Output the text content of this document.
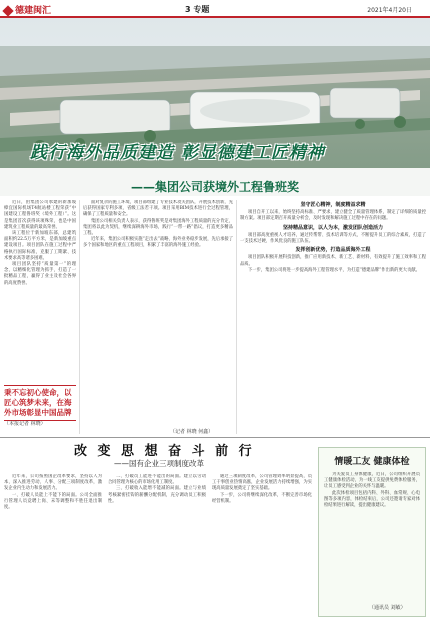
德建闽汇	3 专题	2021年4月20日
践行海外品质建造 彰显德建工匠精神
——集团公司获境外工程鲁班奖

近日，由集团公司承建的新加坡樟宜国际机场T4航站楼工程荣获“中国建设工程鲁班奖（境外工程）”。这是集团首次获得该项殊荣，也是中国建筑业工程质量的最高荣誉。

该工程位于新加坡东部，总建筑面积约22.5万平方米，是新加坡重点建设项目。项目团队在施工过程中严格执行国际标准，克服了工期紧、技术要求高等诸多困难。

项目团队坚持“质量第一”的理念，以精细化管理为抓手，打造了一批精品工程，赢得了业主及社会各界的高度赞誉。

秉不忘初心使命，以匠心筑梦未来，在海外市场彰显中国品牌
（本报记者 林晓）

面对复杂的施工环境，项目部组建了专业技术攻关团队，开展技术创新，先后获得国家专利多项、省级工法若干项。项目采用BIM技术进行全过程管理，确保了工程质量和安全。

集团公司相关负责人表示，获得鲁班奖是对集团海外工程质量的充分肯定，集团将以此为契机，继续深耕海外市场，践行“一带一路”倡议，打造更多精品工程。

近年来，集团公司积极实施“走出去”战略，海外业务稳步发展，先后承接了多个国家和地区的重点工程项目，积累了丰富的海外施工经验。

（记者 林晓 何鑫）

坚守匠心精神，制度精益求精

项目自开工以来，始终坚持高标准、严要求，建立健全了质量管理体系，制定了详细的质量控制方案。项目部定期召开质量分析会，及时发现和解决施工过程中存在的问题。

坚持精品意识，以人为本，激发团队创造活力

项目部高度重视人才培养，通过传帮带、技术培训等方式，不断提升员工的综合素质，打造了一支技术过硬、作风优良的施工队伍。

发挥创新优势，打造品质海外工程

项目团队积极开展科技创新，推广应用新技术、新工艺、新材料，有效提升了施工效率和工程品质。

下一步，集团公司将进一步提高海外工程管理水平，为打造“德建品牌”作出新的更大贡献。

改 变 思 想 奋 斗 前 行
——国有企业三项制度改革

近年来，公司按照国企改革要求，坚持以人为本，深入推进劳动、人事、分配三项制度改革，激发企业内生动力和发展活力。

一、打破人员能上不能下的局面。公司全面推行管理人员竞聘上岗、末等调整和不胜任退出制度。

二、打破员工能进不能出的局面。建立以劳动合同管理为核心的市场化用工制度。

三、打破收入能增不能减的局面。建立与业绩考核紧密挂钩的薪酬分配机制，充分调动员工积极性。

通过三项制度改革，公司管理效率明显提高，员工干事创业热情高涨，企业发展活力持续增强，为实现高质量发展奠定了坚实基础。

下一步，公司将继续深化改革，不断完善市场化经营机制。

情暖工友 健康体检

为关爱员工身体健康，近日，公司组织开展员工健康体检活动，为一线工友提供免费体检服务，让员工感受到企业的关怀与温暖。

此次体检项目包括内科、外科、血常规、心电图等多项内容，体检结束后，公司还邀请专家对体检结果进行解读，提出健康建议。

（通讯员 刘敏）
